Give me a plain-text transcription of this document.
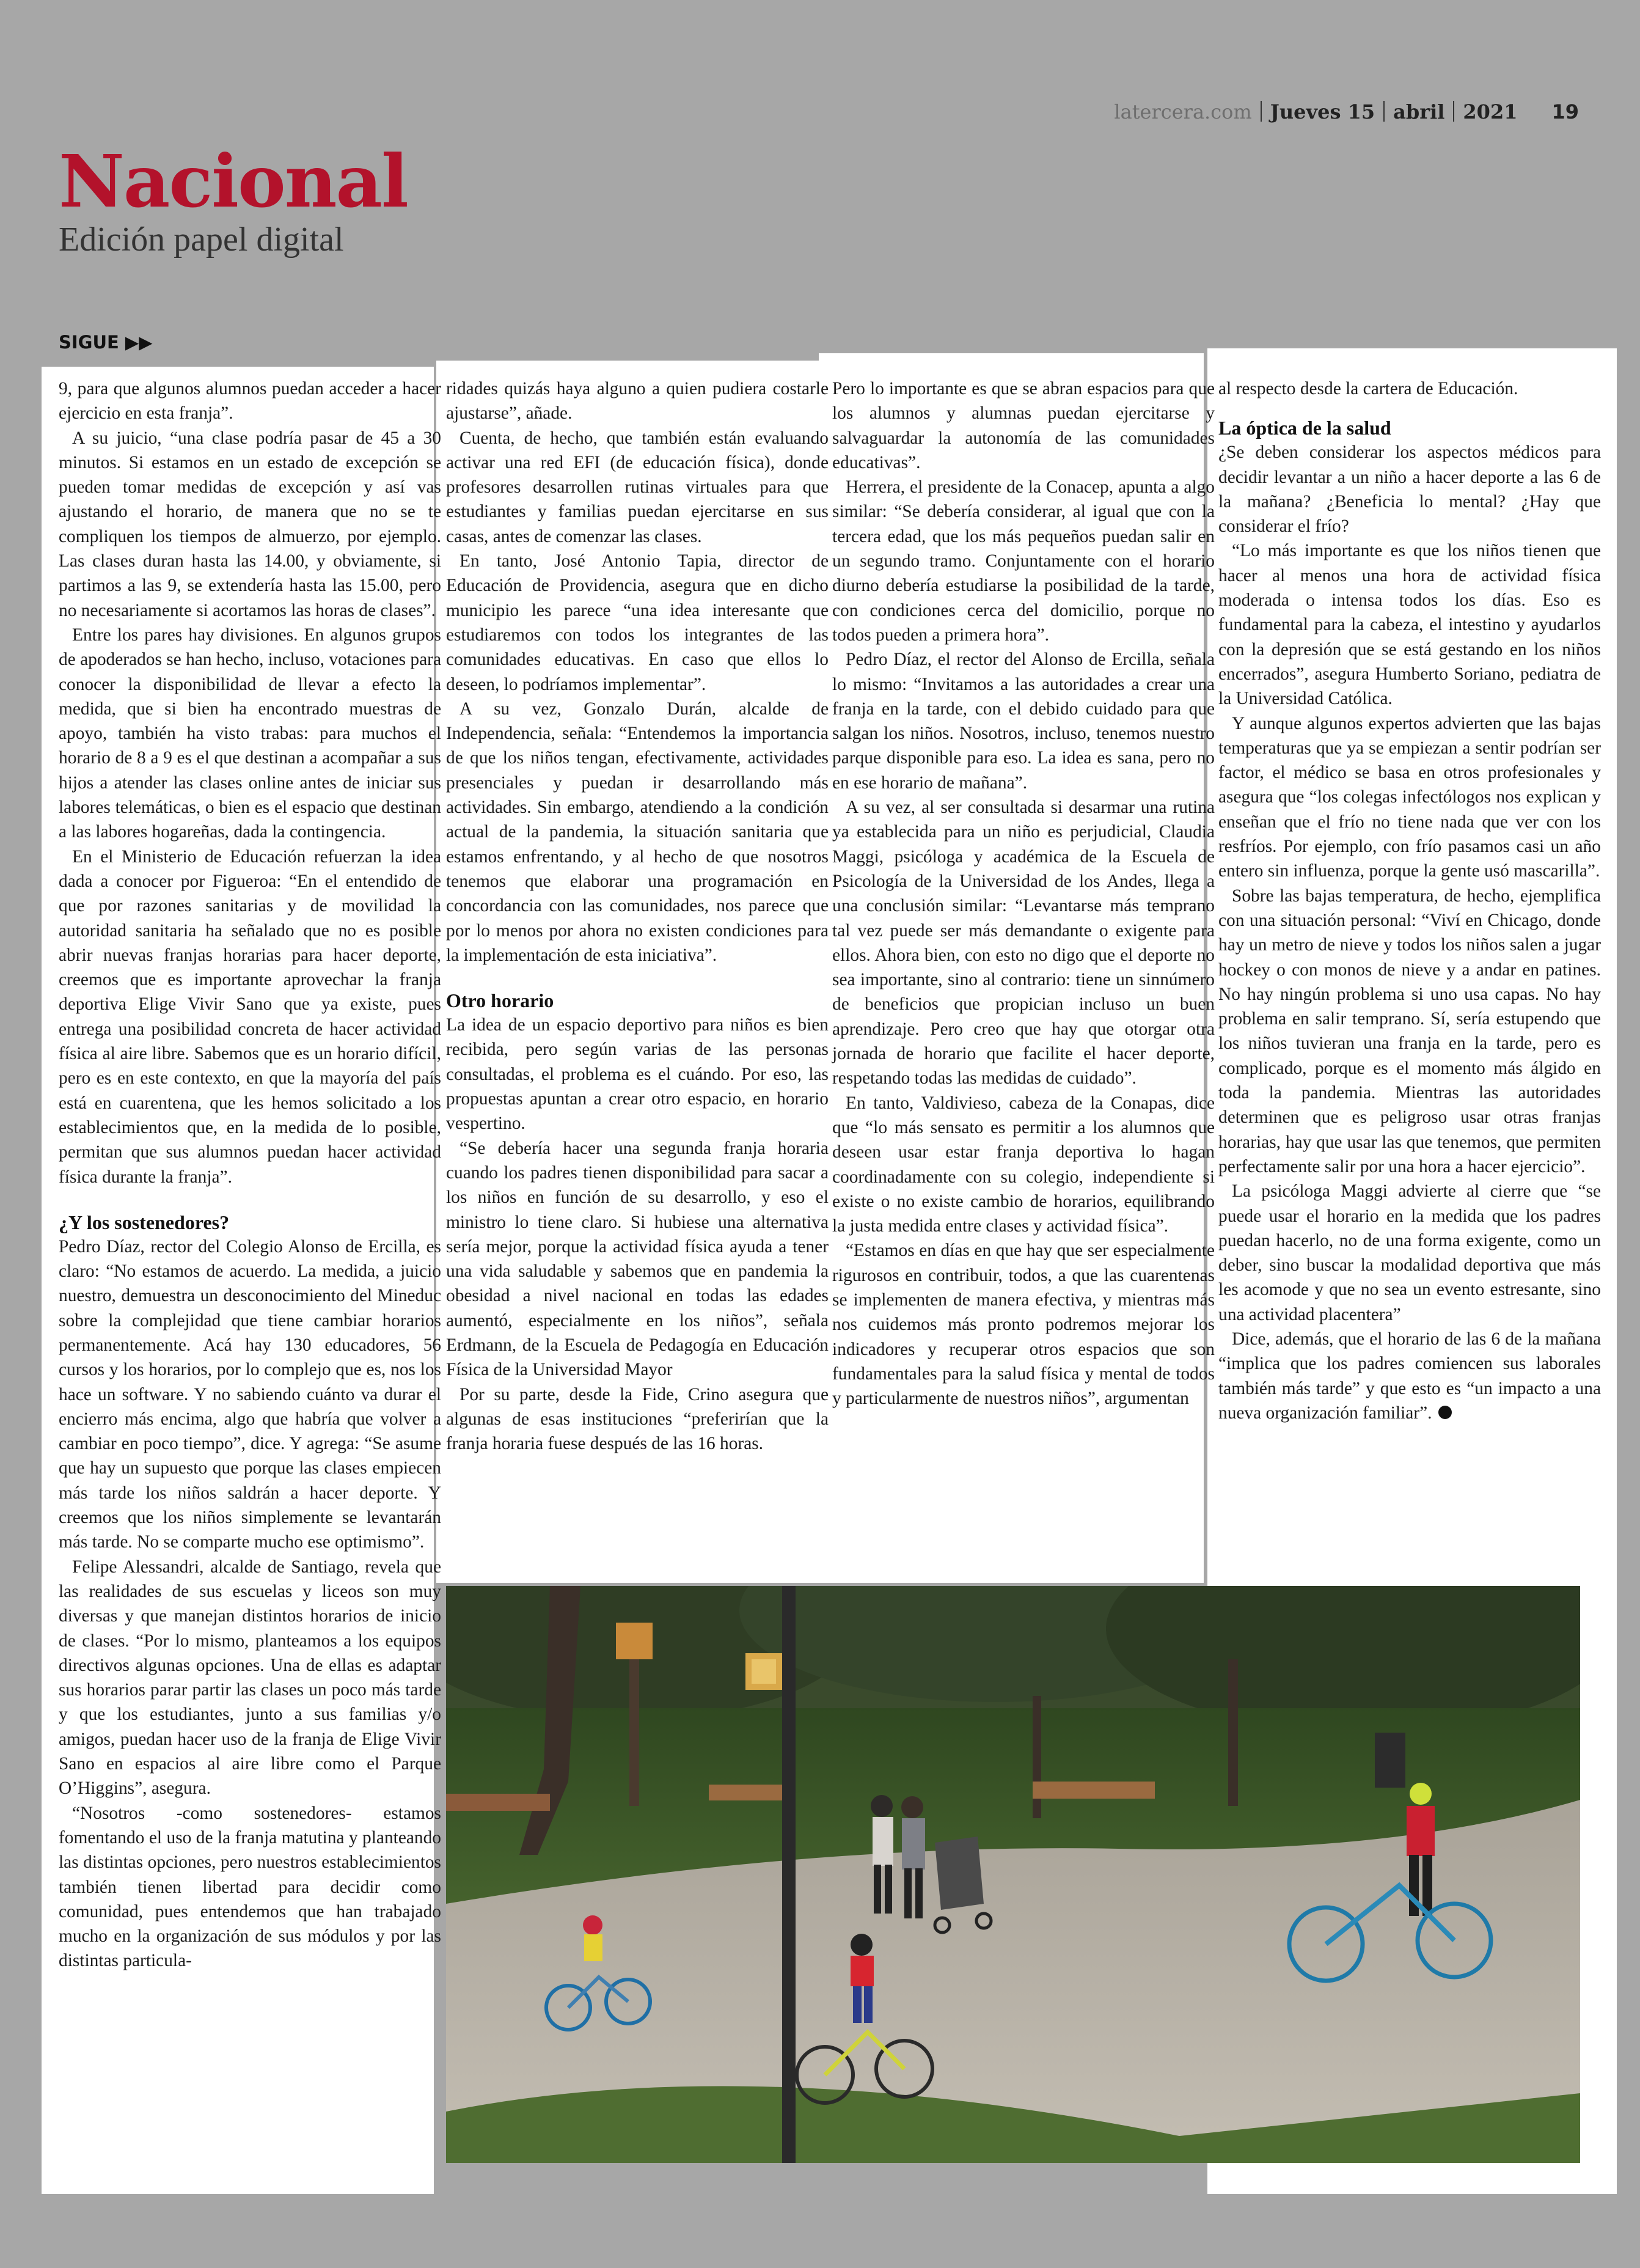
latercera.com Jueves 15 abril 2021 19
Nacional
Edición papel digital
SIGUE ▶▶

9, para que algunos alumnos puedan acceder a hacer ejercicio en esta franja”.

A su juicio, “una clase podría pasar de 45 a 30 minutos. Si estamos en un estado de excepción se pueden tomar medidas de excepción y así vas ajustando el horario, de manera que no se te compliquen los tiempos de almuerzo, por ejemplo. Las clases duran hasta las 14.00, y obviamente, si partimos a las 9, se extendería hasta las 15.00, pero no necesariamente si acortamos las horas de clases”.

Entre los pares hay divisiones. En algunos grupos de apoderados se han hecho, incluso, votaciones para conocer la disponibilidad de llevar a efecto la medida, que si bien ha encontrado muestras de apoyo, también ha visto trabas: para muchos el horario de 8 a 9 es el que destinan a acompañar a sus hijos a atender las clases online antes de iniciar sus labores telemáticas, o bien es el espacio que destinan a las labores hogareñas, dada la contingencia.

En el Ministerio de Educación refuerzan la idea dada a conocer por Figueroa: “En el entendido de que por razones sanitarias y de movilidad la autoridad sanitaria ha señalado que no es posible abrir nuevas franjas horarias para hacer deporte, creemos que es importante aprovechar la franja deportiva Elige Vivir Sano que ya existe, pues entrega una posibilidad concreta de hacer actividad física al aire libre. Sabemos que es un horario difícil, pero es en este contexto, en que la mayoría del país está en cuarentena, que les hemos solicitado a los establecimientos que, en la medida de lo posible, permitan que sus alumnos puedan hacer actividad física durante la franja”.

¿Y los sostenedores?

Pedro Díaz, rector del Colegio Alonso de Ercilla, es claro: “No estamos de acuerdo. La medida, a juicio nuestro, demuestra un desconocimiento del Mineduc sobre la complejidad que tiene cambiar horarios permanentemente. Acá hay 130 educadores, 56 cursos y los horarios, por lo complejo que es, nos los hace un software. Y no sabiendo cuánto va durar el encierro más encima, algo que habría que volver a cambiar en poco tiempo”, dice. Y agrega: “Se asume que hay un supuesto que porque las clases empiecen más tarde los niños saldrán a hacer deporte. Y creemos que los niños simplemente se levantarán más tarde. No se comparte mucho ese optimismo”.

Felipe Alessandri, alcalde de Santiago, revela que las realidades de sus escuelas y liceos son muy diversas y que manejan distintos horarios de inicio de clases. “Por lo mismo, planteamos a los equipos directivos algunas opciones. Una de ellas es adaptar sus horarios parar partir las clases un poco más tarde y que los estudiantes, junto a sus familias y/o amigos, puedan hacer uso de la franja de Elige Vivir Sano en espacios al aire libre como el Parque O’Higgins”, asegura.

“Nosotros -como sostenedores- estamos fomentando el uso de la franja matutina y planteando las distintas opciones, pero nuestros establecimientos también tienen libertad para decidir como comunidad, pues entendemos que han trabajado mucho en la organización de sus módulos y por las distintas particula-

ridades quizás haya alguno a quien pudiera costarle ajustarse”, añade.

Cuenta, de hecho, que también están evaluando activar una red EFI (de educación física), donde profesores desarrollen rutinas virtuales para que estudiantes y familias puedan ejercitarse en sus casas, antes de comenzar las clases.

En tanto, José Antonio Tapia, director de Educación de Providencia, asegura que en dicho municipio les parece “una idea interesante que estudiaremos con todos los integrantes de las comunidades educativas. En caso que ellos lo deseen, lo podríamos implementar”.

A su vez, Gonzalo Durán, alcalde de Independencia, señala: “Entendemos la importancia de que los niños tengan, efectivamente, actividades presenciales y puedan ir desarrollando más actividades. Sin embargo, atendiendo a la condición actual de la pandemia, la situación sanitaria que estamos enfrentando, y al hecho de que nosotros tenemos que elaborar una programación en concordancia con las comunidades, nos parece que por lo menos por ahora no existen condiciones para la implementación de esta iniciativa”.

Otro horario

La idea de un espacio deportivo para niños es bien recibida, pero según varias de las personas consultadas, el problema es el cuándo. Por eso, las propuestas apuntan a crear otro espacio, en horario vespertino.

“Se debería hacer una segunda franja horaria cuando los padres tienen disponibilidad para sacar a los niños en función de su desarrollo, y eso el ministro lo tiene claro. Si hubiese una alternativa sería mejor, porque la actividad física ayuda a tener una vida saludable y sabemos que en pandemia la obesidad a nivel nacional en todas las edades aumentó, especialmente en los niños”, señala Erdmann, de la Escuela de Pedagogía en Educación Física de la Universidad Mayor

Por su parte, desde la Fide, Crino asegura que algunas de esas instituciones “preferirían que la franja horaria fuese después de las 16 horas.

Pero lo importante es que se abran espacios para que los alumnos y alumnas puedan ejercitarse y salvaguardar la autonomía de las comunidades educativas”.

Herrera, el presidente de la Conacep, apunta a algo similar: “Se debería considerar, al igual que con la tercera edad, que los más pequeños puedan salir en un segundo tramo. Conjuntamente con el horario diurno debería estudiarse la posibilidad de la tarde, con condiciones cerca del domicilio, porque no todos pueden a primera hora”.

Pedro Díaz, el rector del Alonso de Ercilla, señala lo mismo: “Invitamos a las autoridades a crear una franja en la tarde, con el debido cuidado para que salgan los niños. Nosotros, incluso, tenemos nuestro parque disponible para eso. La idea es sana, pero no en ese horario de mañana”.

A su vez, al ser consultada si desarmar una rutina ya establecida para un niño es perjudicial, Claudia Maggi, psicóloga y académica de la Escuela de Psicología de la Universidad de los Andes, llega a una conclusión similar: “Levantarse más temprano tal vez puede ser más demandante o exigente para ellos. Ahora bien, con esto no digo que el deporte no sea importante, sino al contrario: tiene un sinnúmero de beneficios que propician incluso un buen aprendizaje. Pero creo que hay que otorgar otra jornada de horario que facilite el hacer deporte, respetando todas las medidas de cuidado”.

En tanto, Valdivieso, cabeza de la Conapas, dice que “lo más sensato es permitir a los alumnos que deseen usar estar franja deportiva lo hagan coordinadamente con su colegio, independiente si existe o no existe cambio de horarios, equilibrando la justa medida entre clases y actividad física”.

“Estamos en días en que hay que ser especialmente rigurosos en contribuir, todos, a que las cuarentenas se implementen de manera efectiva, y mientras más nos cuidemos más pronto podremos mejorar los indicadores y recuperar otros espacios que son fundamentales para la salud física y mental de todos y particularmente de nuestros niños”, argumentan

al respecto desde la cartera de Educación.

La óptica de la salud

¿Se deben considerar los aspectos médicos para decidir levantar a un niño a hacer deporte a las 6 de la mañana? ¿Beneficia lo mental? ¿Hay que considerar el frío?

“Lo más importante es que los niños tienen que hacer al menos una hora de actividad física moderada o intensa todos los días. Eso es fundamental para la cabeza, el intestino y ayudarlos con la depresión que se está gestando en los niños encerrados”, asegura Humberto Soriano, pediatra de la Universidad Católica.

Y aunque algunos expertos advierten que las bajas temperaturas que ya se empiezan a sentir podrían ser factor, el médico se basa en otros profesionales y asegura que “los colegas infectólogos nos explican y enseñan que el frío no tiene nada que ver con los resfríos. Por ejemplo, con frío pasamos casi un año entero sin influenza, porque la gente usó mascarilla”.

Sobre las bajas temperatura, de hecho, ejemplifica con una situación personal: “Viví en Chicago, donde hay un metro de nieve y todos los niños salen a jugar hockey o con monos de nieve y a andar en patines. No hay ningún problema si uno usa capas. No hay problema en salir temprano. Sí, sería estupendo que los niños tuvieran una franja en la tarde, pero es complicado, porque es el momento más álgido en toda la pandemia. Mientras las autoridades determinen que es peligroso usar otras franjas horarias, hay que usar las que tenemos, que permiten perfectamente salir por una hora a hacer ejercicio”.

La psicóloga Maggi advierte al cierre que “se puede usar el horario en la medida que los padres puedan hacerlo, no de una forma exigente, como un deber, sino buscar la modalidad deportiva que más les acomode y que no sea un evento estresante, sino una actividad placentera”

Dice, además, que el horario de las 6 de la mañana “implica que los padres comiencen sus laborales también más tarde” y que esto es “un impacto a una nueva organización familiar”.
